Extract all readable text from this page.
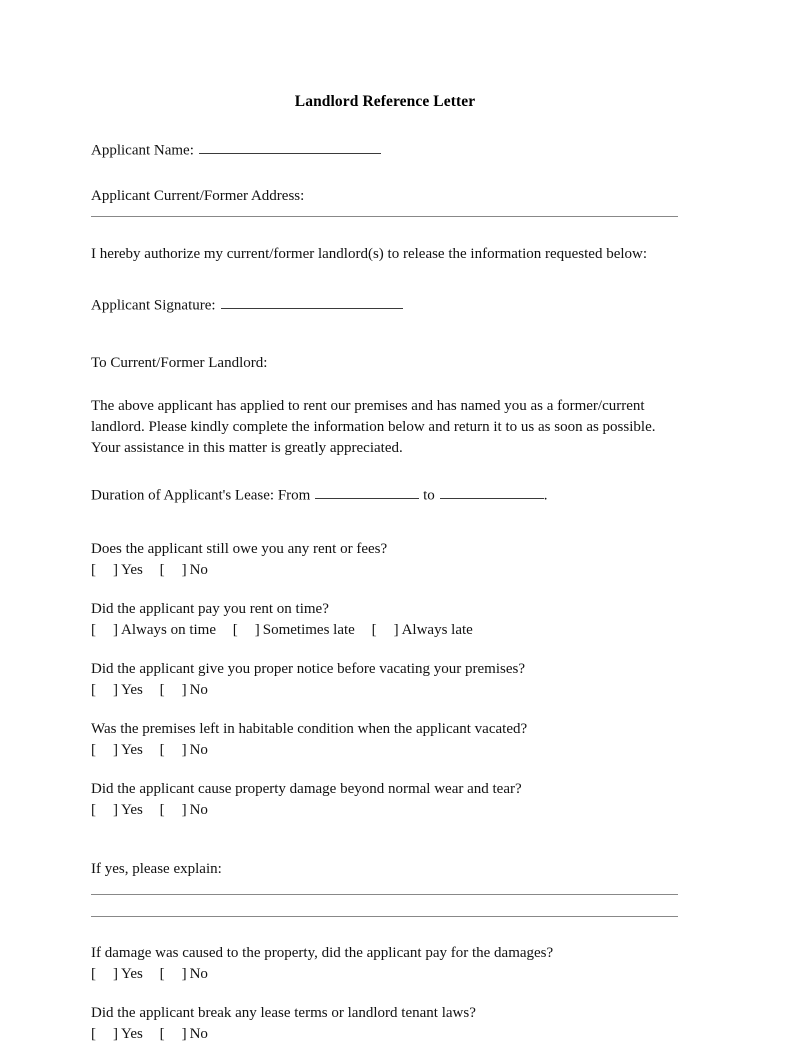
Landlord Reference Letter
Applicant Name:
Applicant Current/Former Address:

I hereby authorize my current/former landlord(s) to release the information requested below:

Applicant Signature:
To Current/Former Landlord:

The above applicant has applied to rent our premises and has named you as a former/current landlord. Please kindly complete the information below and return it to us as soon as possible. Your assistance in this matter is greatly appreciated.

Duration of Applicant's Lease: From	to	.

Does the applicant still owe you any rent or fees?

[ ] Yes [ ] No

Did the applicant pay you rent on time?

[ ] Always on time [ ] Sometimes late [ ] Always late

Did the applicant give you proper notice before vacating your premises?

[ ] Yes [ ] No

Was the premises left in habitable condition when the applicant vacated?

[ ] Yes [ ] No

Did the applicant cause property damage beyond normal wear and tear?

[ ] Yes [ ] No
If yes, please explain:

If damage was caused to the property, did the applicant pay for the damages?

[ ] Yes [ ] No

Did the applicant break any lease terms or landlord tenant laws?

[ ] Yes [ ] No
